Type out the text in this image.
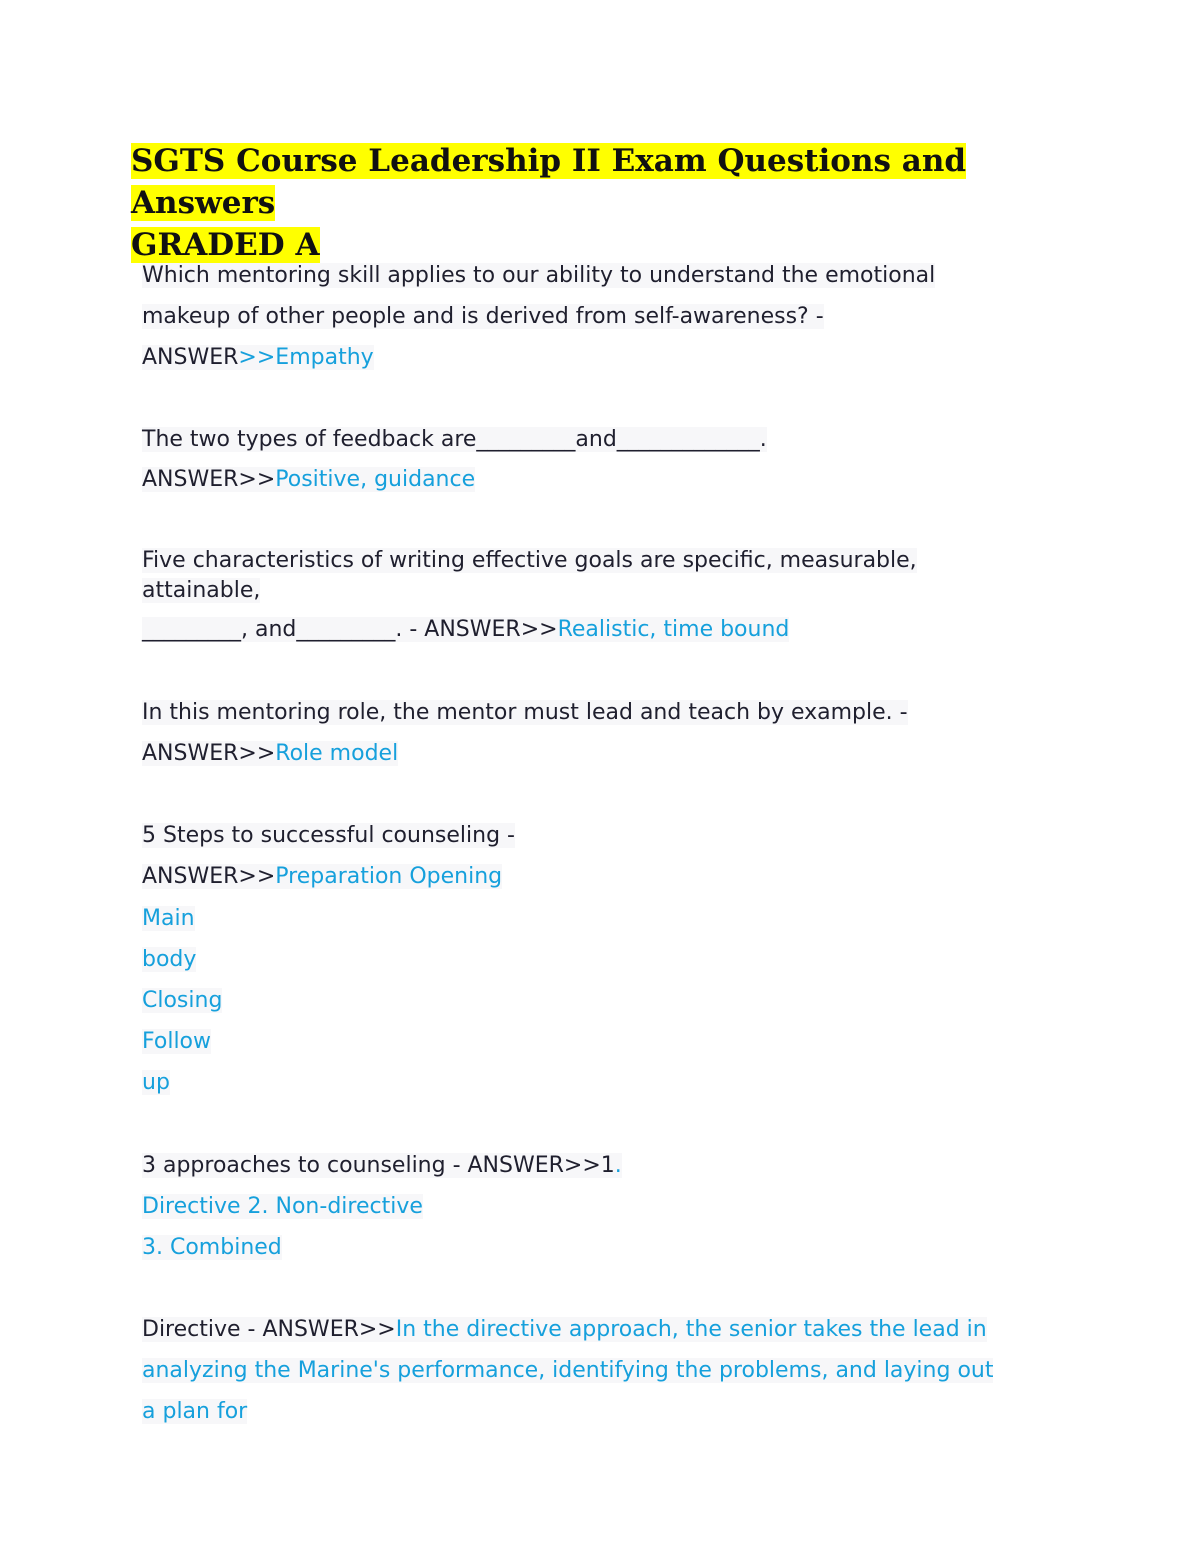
SGTS Course Leadership II Exam Questions and Answers
GRADED A

Which mentoring skill applies to our ability to understand the emotional

makeup of other people and is derived from self-awareness? -

ANSWER>>Empathy

The two types of feedback are_________and_____________.

ANSWER>>Positive, guidance

Five characteristics of writing effective goals are specific, measurable,

attainable,

_________, and_________. - ANSWER>>Realistic, time bound

In this mentoring role, the mentor must lead and teach by example. -

ANSWER>>Role model

5 Steps to successful counseling -

ANSWER>>Preparation Opening

Main

body

Closing

Follow

up

3 approaches to counseling - ANSWER>>1.

Directive 2. Non-directive

3. Combined

Directive - ANSWER>>In the directive approach, the senior takes the lead in

analyzing the Marine's performance, identifying the problems, and laying out

a plan for
